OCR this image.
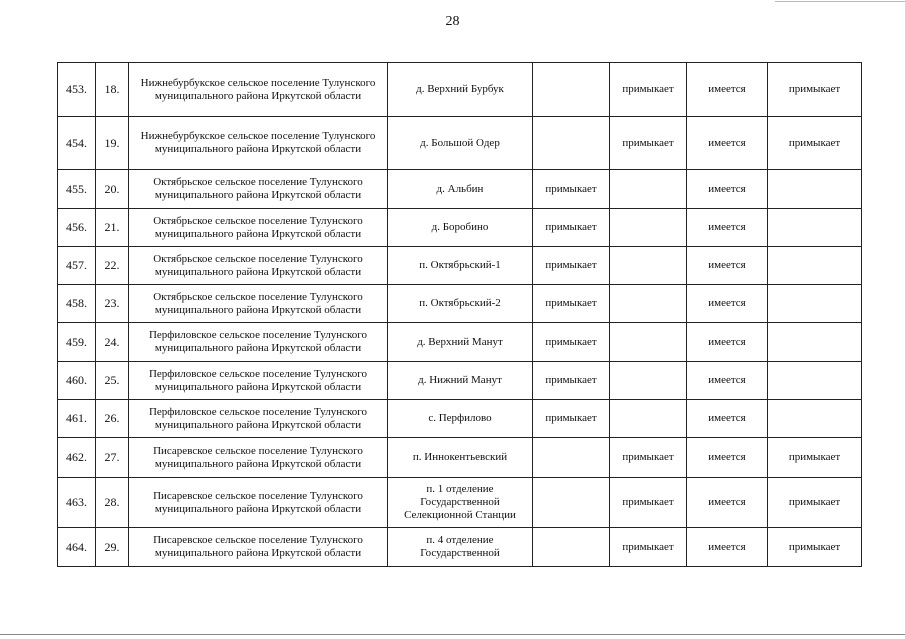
28
453.	18.	Нижнебурбукское сельское поселение Тулунского муниципального района Иркутской области	д. Верхний Бурбук		примыкает	имеется	примыкает
454.	19.	Нижнебурбукское сельское поселение Тулунского муниципального района Иркутской области	д. Большой Одер		примыкает	имеется	примыкает
455.	20.	Октябрьское сельское поселение Тулунского муниципального района Иркутской области	д. Альбин	примыкает		имеется	
456.	21.	Октябрьское сельское поселение Тулунского муниципального района Иркутской области	д. Боробино	примыкает		имеется	
457.	22.	Октябрьское сельское поселение Тулунского муниципального района Иркутской области	п. Октябрьский-1	примыкает		имеется	
458.	23.	Октябрьское сельское поселение Тулунского муниципального района Иркутской области	п. Октябрьский-2	примыкает		имеется	
459.	24.	Перфиловское сельское поселение Тулунского муниципального района Иркутской области	д. Верхний Манут	примыкает		имеется	
460.	25.	Перфиловское сельское поселение Тулунского муниципального района Иркутской области	д. Нижний Манут	примыкает		имеется	
461.	26.	Перфиловское сельское поселение Тулунского муниципального района Иркутской области	с. Перфилово	примыкает		имеется	
462.	27.	Писаревское сельское поселение Тулунского муниципального района Иркутской области	п. Иннокентьевский		примыкает	имеется	примыкает
463.	28.	Писаревское сельское поселение Тулунского муниципального района Иркутской области	п. 1 отделение Государственной Селекционной Станции		примыкает	имеется	примыкает
464.	29.	Писаревское сельское поселение Тулунского муниципального района Иркутской области	п. 4 отделение Государственной		примыкает	имеется	примыкает
